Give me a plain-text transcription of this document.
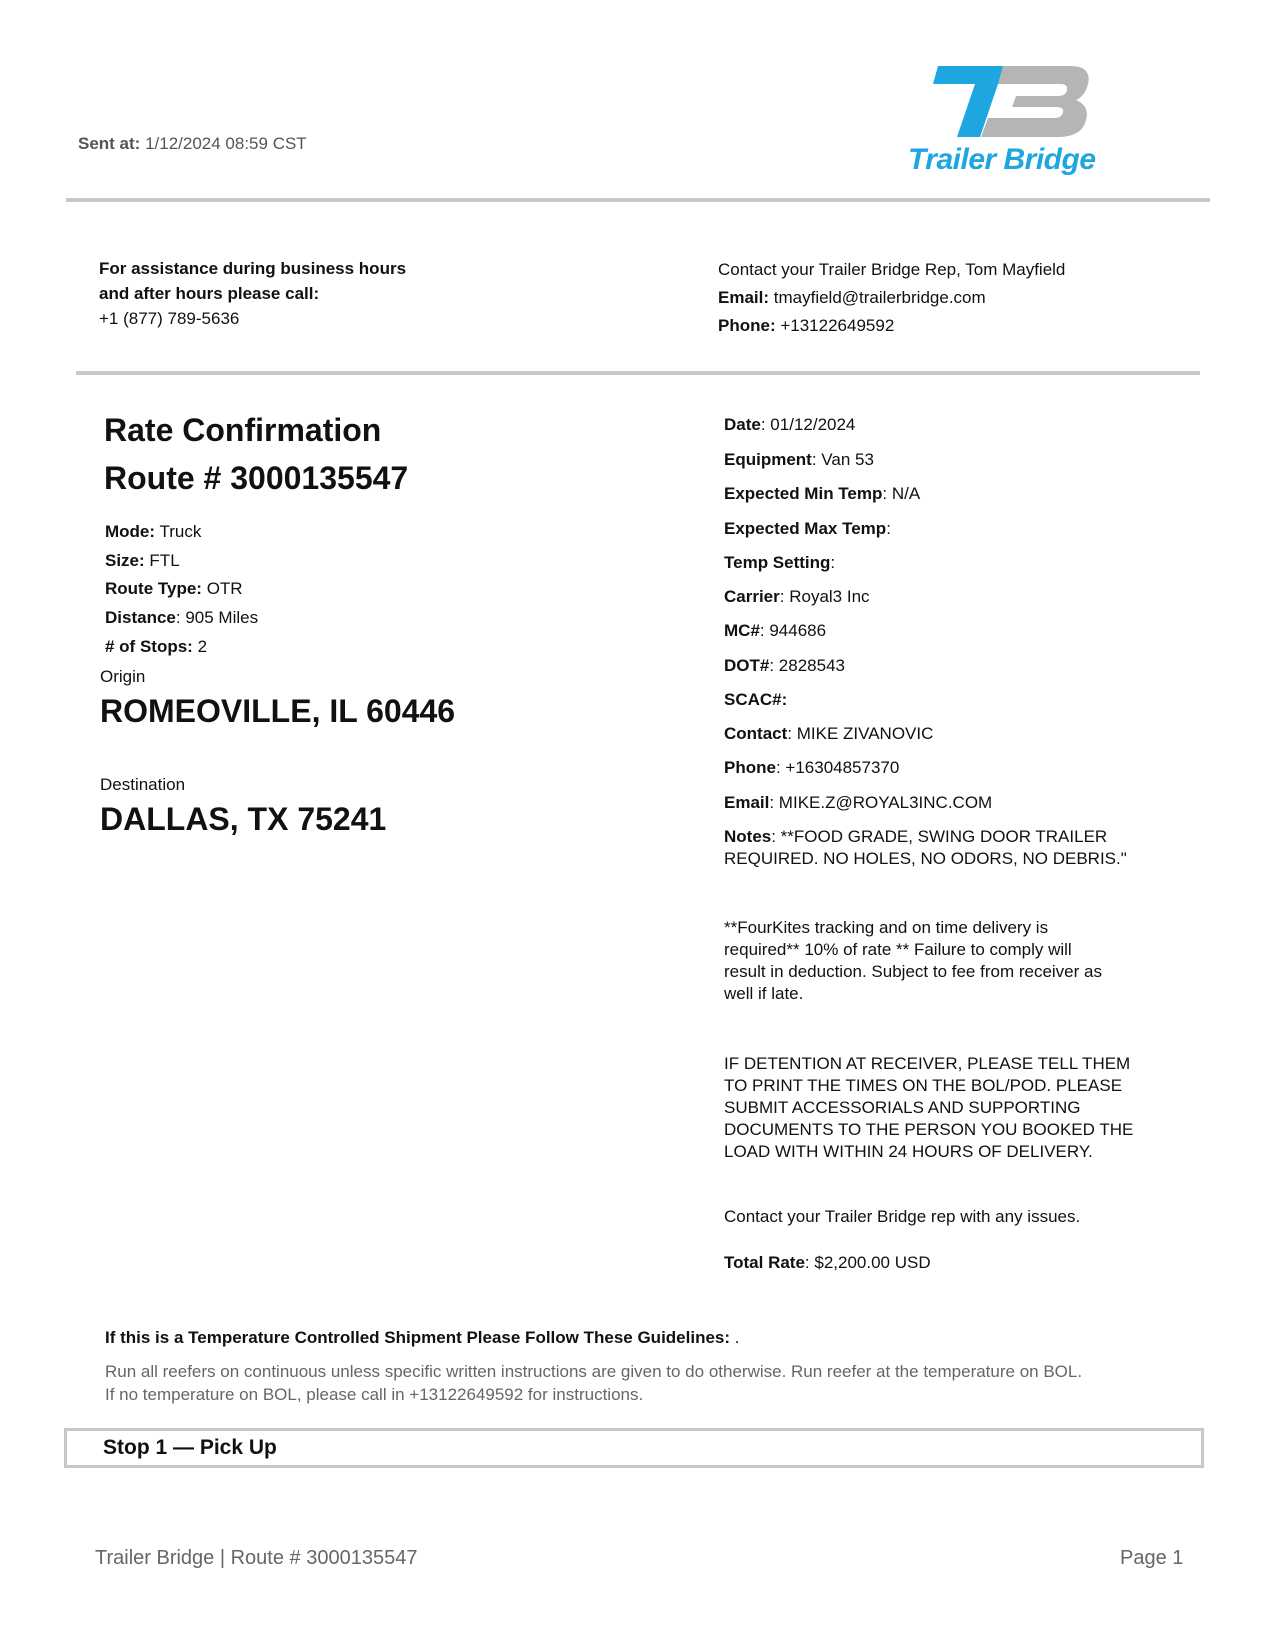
Sent at: 1/12/2024 08:59 CST	Trailer Bridge
For assistance during business hours
and after hours please call:
+1 (877) 789-5636
Contact your Trailer Bridge Rep, Tom Mayfield
Email: tmayfield@trailerbridge.com
Phone: +13122649592
Rate Confirmation
Route # 3000135547
Mode: Truck
Size: FTL
Route Type: OTR
Distance: 905 Miles
# of Stops: 2
Origin
ROMEOVILLE, IL 60446
Destination
DALLAS, TX 75241
Date: 01/12/2024
Equipment: Van 53
Expected Min Temp: N/A
Expected Max Temp:
Temp Setting:
Carrier: Royal3 Inc
MC#: 944686
DOT#: 2828543
SCAC#:
Contact: MIKE ZIVANOVIC
Phone: +16304857370
Email: MIKE.Z@ROYAL3INC.COM
Notes: **FOOD GRADE, SWING DOOR TRAILER
REQUIRED. NO HOLES, NO ODORS, NO DEBRIS."
**FourKites tracking and on time delivery is
required** 10% of rate ** Failure to comply will
result in deduction. Subject to fee from receiver as
well if late.
IF DETENTION AT RECEIVER, PLEASE TELL THEM
TO PRINT THE TIMES ON THE BOL/POD. PLEASE
SUBMIT ACCESSORIALS AND SUPPORTING
DOCUMENTS TO THE PERSON YOU BOOKED THE
LOAD WITH WITHIN 24 HOURS OF DELIVERY.
Contact your Trailer Bridge rep with any issues.
Total Rate: $2,200.00 USD
If this is a Temperature Controlled Shipment Please Follow These Guidelines: .
Run all reefers on continuous unless specific written instructions are given to do otherwise. Run reefer at the temperature on BOL.
If no temperature on BOL, please call in +13122649592 for instructions.
Stop 1 — Pick Up
Trailer Bridge | Route # 3000135547	Page 1
